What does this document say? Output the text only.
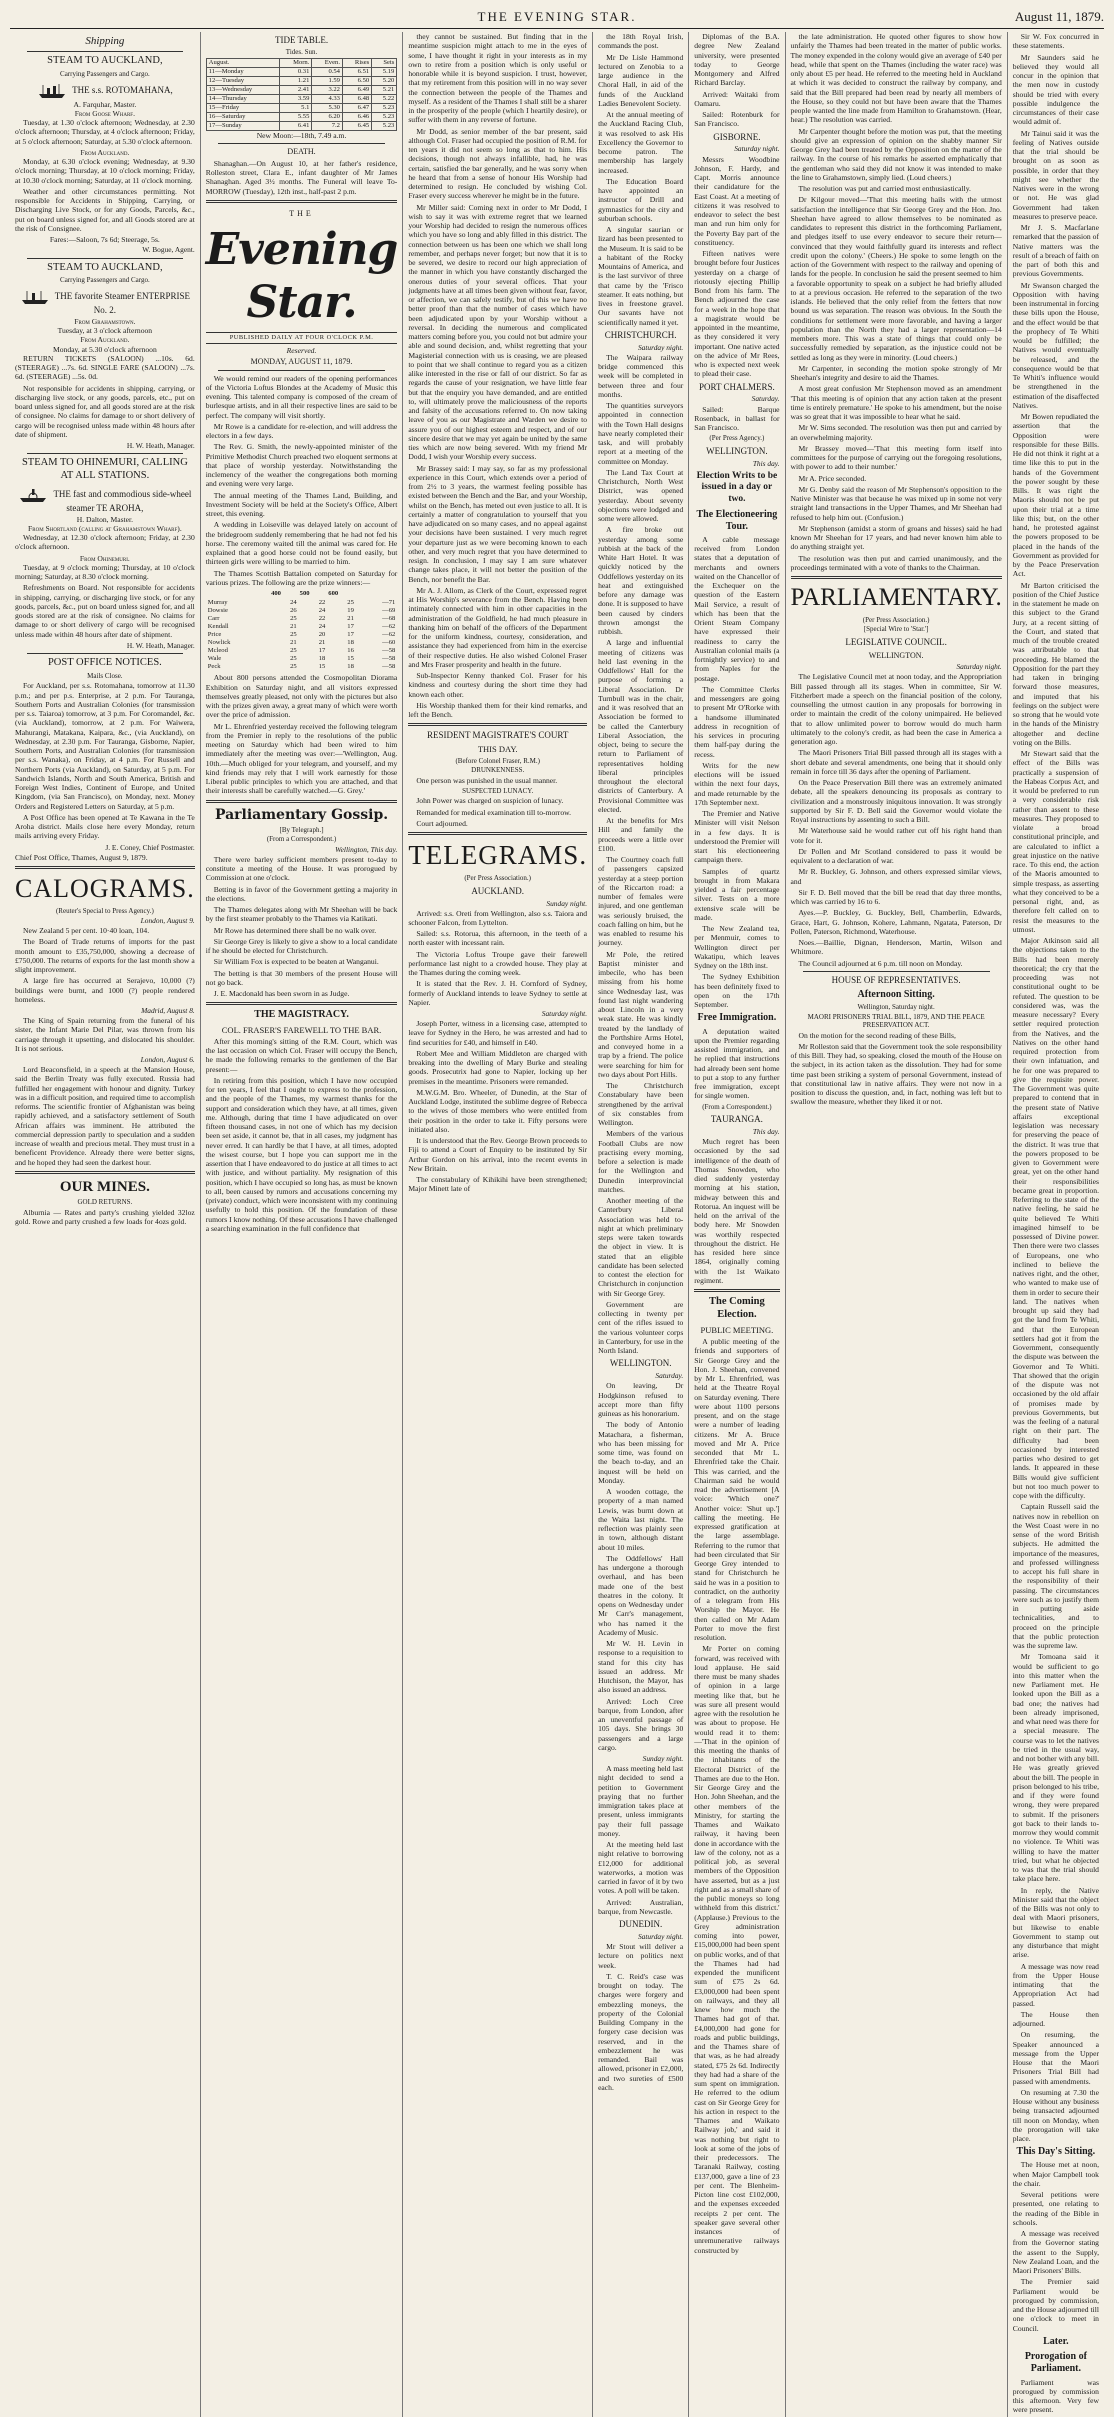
THE EVENING STAR.	August 11, 1879.
Shipping
STEAM TO AUCKLAND,
Carrying Passengers and Cargo.
THE s.s. ROTOMAHANA,
A. Farquhar, Master.
From Goose Wharf.

Tuesday, at 1.30 o'clock afternoon; Wednesday, at 2.30 o'clock afternoon; Thursday, at 4 o'clock afternoon; Friday, at 5 o'clock afternoon; Saturday, at 5.30 o'clock afternoon.

From Auckland.

Monday, at 6.30 o'clock evening; Wednesday, at 9.30 o'clock morning; Thursday, at 10 o'clock morning; Friday, at 10.30 o'clock morning; Saturday, at 11 o'clock morning.

Weather and other circumstances permitting. Not responsible for Accidents in Shipping, Carrying, or Discharging Live Stock, or for any Goods, Parcels, &c., put on board unless signed for, and all Goods stored are at the risk of Consignee.

Fares:—Saloon, 7s 6d; Steerage, 5s.
W. Bogue, Agent.
STEAM TO AUCKLAND,
Carrying Passengers and Cargo.
THE favorite Steamer ENTERPRISE No. 2.
From Grahamstown.
Tuesday, at 3 o'clock afternoon
From Auckland.
Monday, at 5.30 o'clock afternoon

RETURN TICKETS (SALOON) ...10s. 6d. (STEERAGE) ...7s. 6d. SINGLE FARE (SALOON) ...7s. 6d. (STEERAGE) ...5s. 0d.

Not responsible for accidents in shipping, carrying, or discharging live stock, or any goods, parcels, etc., put on board unless signed for, and all goods stored are at the risk of consignee. No claims for damage to or short delivery of cargo will be recognised unless made within 48 hours after date of shipment.

H. W. Heath, Manager.
STEAM TO OHINEMURI, CALLING AT ALL STATIONS.
THE fast and commodious side-wheel steamer TE AROHA,
H. Dalton, Master.
From Shortland (calling at Grahamstown Wharf).

Wednesday, at 12.30 o'clock afternoon; Friday, at 2.30 o'clock afternoon.

From Ohinemuri.

Tuesday, at 9 o'clock morning; Thursday, at 10 o'clock morning; Saturday, at 8.30 o'clock morning.

Refreshments on Board. Not responsible for accidents in shipping, carrying, or discharging live stock, or for any goods, parcels, &c., put on board unless signed for, and all goods stored are at the risk of consignee. No claims for damage to or short delivery of cargo will be recognised unless made within 48 hours after date of shipment.

H. W. Heath, Manager.
POST OFFICE NOTICES.
Mails Close.

For Auckland, per s.s. Rotomahana, tomorrow at 11.30 p.m.; and per p.s. Enterprise, at 2 p.m. For Tauranga, Southern Ports and Australian Colonies (for transmission per s.s. Taiaroa) tomorrow, at 3 p.m. For Coromandel, &c. (via Auckland), tomorrow, at 2 p.m. For Waiwera, Mahurangi, Matakana, Kaipara, &c., (via Auckland), on Wednesday, at 2.30 p.m. For Tauranga, Gisborne, Napier, Southern Ports, and Australian Colonies (for transmission per s.s. Wanaka), on Friday, at 4 p.m. For Russell and Northern Ports (via Auckland), on Saturday, at 5 p.m. For Sandwich Islands, North and South America, British and Foreign West Indies, Continent of Europe, and United Kingdom, (via San Francisco), on Monday, next. Money Orders and Registered Letters on Saturday, at 5 p.m.

A Post Office has been opened at Te Kawana in the Te Aroha district. Mails close here every Monday, return mails arriving every Friday.

J. E. Coney, Chief Postmaster.
Chief Post Office, Thames, August 9, 1879.
CALOGRAMS.
(Reuter's Special to Press Agency.)
London, August 9.

New Zealand 5 per cent. 10·40 loan, 104.

The Board of Trade returns of imports for the past month amount to £35,750,000, showing a decrease of £750,000. The returns of exports for the last month show a slight improvement.

A large fire has occurred at Serajevo, 10,000 (?) buildings were burnt, and 1000 (?) people rendered homeless.

Madrid, August 8.

The King of Spain returning from the funeral of his sister, the Infant Marie Del Pilar, was thrown from his carriage through it upsetting, and dislocated his shoulder. It is not serious.

London, August 6.

Lord Beaconsfield, in a speech at the Mansion House, said the Berlin Treaty was fully executed. Russia had fulfilled her engagement with honour and dignity. Turkey was in a difficult position, and required time to accomplish reforms. The scientific frontier of Afghanistan was being rapidly achieved, and a satisfactory settlement of South African affairs was imminent. He attributed the commercial depression partly to speculation and a sudden increase of wealth and precious metal. They must trust in a beneficent Providence. Already there were better signs, and he hoped they had seen the darkest hour.

OUR MINES.
GOLD RETURNS.

Alburnia — Rates and party's crushing yielded 32loz gold. Rowe and party crushed a few loads for 4ozs gold.

TIDE TABLE.
Tides. Sun.
August.	Morn.	Even.	Rises	Sets
11—Monday	0.31	0.54	6.51	5.19
12—Tuesday	1.21	1.59	6.50	5.20
13—Wednesday	2.41	3.22	6.49	5.21
14—Thursday	3.59	4.33	6.48	5.22
15—Friday	5.1	5.30	6.47	5.23
16—Saturday	5.55	6.20	6.46	5.23
17—Sunday	6.41	7.2	6.45	5.23
New Moon:—18th, 7.49 a.m.
DEATH.

Shanaghan.—On August 10, at her father's residence, Rolleston street, Clara E., infant daughter of Mr James Shanaghan. Aged 3½ months. The Funeral will leave To-MORROW (Tuesday), 12th inst., half-past 2 p.m.

THE
Evening Star.
PUBLISHED DAILY AT FOUR O'CLOCK P.M.
Reserved.
MONDAY, AUGUST 11, 1879.

We would remind our readers of the opening performances of the Victoria Loftus Blondes at the Academy of Music this evening. This talented company is composed of the cream of burlesque artists, and in all their respective lines are said to be perfect. The company will visit shortly.

Mr Rowe is a candidate for re-election, and will address the electors in a few days.

The Rev. G. Smith, the newly-appointed minister of the Primitive Methodist Church preached two eloquent sermons at that place of worship yesterday. Notwithstanding the inclemency of the weather the congregations both morning and evening were very large.

The annual meeting of the Thames Land, Building, and Investment Society will be held at the Society's Office, Albert street, this evening.

A wedding in Loiseville was delayed lately on account of the bridegroom suddenly remembering that he had not fed his horse. The ceremony waited till the animal was cared for. He explained that a good horse could not be found easily, but thirteen girls were willing to be married to him.

The Thames Scottish Battalion competed on Saturday for various prizes. The following are the prize winners:—

	400	500	600	
Murray	24	22	25	—71
Dowsie	26	24	19	—69
Carr	25	22	21	—68
Kendall	21	24	17	—62
Price	25	20	17	—62
Nowlick	21	21	18	—60
Mcleod	25	17	16	—58
Wale	25	18	15	—58
Peck	25	15	18	—58

About 800 persons attended the Cosmopolitan Diorama Exhibition on Saturday night, and all visitors expressed themselves greatly pleased, not only with the pictures but also with the prizes given away, a great many of which were worth over the price of admission.

Mr L. Ehrenfried yesterday received the following telegram from the Premier in reply to the resolutions of the public meeting on Saturday which had been wired to him immediately after the meeting was over:—'Wellington, Aug. 10th.—Much obliged for your telegram, and yourself, and my kind friends may rely that I will work earnestly for those Liberal public principles to which you are attached, and that their interests shall be carefully watched.—G. Grey.'

Parliamentary Gossip.
[By Telegraph.]
(From a Correspondent.)
Wellington, This day.

There were barley sufficient members present to-day to constitute a meeting of the House. It was prorogued by Commission at one o'clock.

Betting is in favor of the Government getting a majority in the elections.

The Thames delegates along with Mr Sheehan will be back by the first steamer probably to the Thames via Katikati.

Mr Rowe has determined there shall be no walk over.

Sir George Grey is likely to give a show to a local candidate if he should be elected for Christchurch.

Sir William Fox is expected to be beaten at Wanganui.

The betting is that 30 members of the present House will not go back.

J. E. Macdonald has been sworn in as Judge.

THE MAGISTRACY.
COL. FRASER'S FAREWELL TO THE BAR.

After this morning's sitting of the R.M. Court, which was the last occasion on which Col. Fraser will occupy the Bench, he made the following remarks to the gentlemen of the Bar present:—

In retiring from this position, which I have now occupied for ten years, I feel that I ought to express to the profession, and the people of the Thames, my warmest thanks for the support and consideration which they have, at all times, given me. Although, during that time I have adjudicated on over fifteen thousand cases, in not one of which has my decision been set aside, it cannot be, that in all cases, my judgment has never erred. It can hardly be that I have, at all times, adopted the wisest course, but I hope you can support me in the assertion that I have endeavored to do justice at all times to act with justice, and without partiality. My resignation of this position, which I have occupied so long has, as must be known to all, been caused by rumors and accusations concerning my (private) conduct, which were inconsistent with my continuing usefully to hold this position. Of the foundation of these rumors I know nothing. Of these accusations I have challenged a searching examination in the full confidence that

they cannot be sustained. But finding that in the meantime suspicion might attach to me in the eyes of some, I have thought it right in your interests as in my own to retire from a position which is only useful or honorable while it is beyond suspicion. I trust, however, that my retirement from this position will in no way sever the connection between the people of the Thames and myself. As a resident of the Thames I shall still be a sharer in the prosperity of the people (which I heartily desire), or suffer with them in any reverse of fortune.

Mr Dodd, as senior member of the bar present, said although Col. Fraser had occupied the position of R.M. for ten years it did not seem so long as that to him. His decisions, though not always infallible, had, he was certain, satisfied the bar generally, and he was sorry when he heard that from a sense of honour His Worship had determined to resign. He concluded by wishing Col. Fraser every success wherever he might be in the future.

Mr Miller said: Coming next in order to Mr Dodd, I wish to say it was with extreme regret that we learned your Worship had decided to resign the numerous offices which you have so long and ably filled in this district. The connection between us has been one which we shall long remember, and perhaps never forget; but now that it is to be severed, we desire to record our high appreciation of the manner in which you have constantly discharged the onerous duties of your several offices. That your judgments have at all times been given without fear, favor, or affection, we can safely testify, but of this we have no better proof than that the number of cases which have been adjudicated upon by your Worship without a reversal. In deciding the numerous and complicated matters coming before you, you could not but admire your able and sound decision, and, whilst regretting that your Magisterial connection with us is ceasing, we are pleased to point that we shall continue to regard you as a citizen alike interested in the rise or fall of our district. So far as regards the cause of your resignation, we have little fear but that the enquiry you have demanded, and are entitled to, will ultimately prove the maliciousness of the reports and falsity of the accusations referred to. On now taking leave of you as our Magistrate and Warden we desire to assure you of our highest esteem and respect, and of our sincere desire that we may yet again be united by the same ties which are now being severed. With my friend Mr Dodd, I wish your Worship every success.

Mr Brassey said: I may say, so far as my professional experience in this Court, which extends over a period of from 2½ to 3 years, the warmest feeling possible has existed between the Bench and the Bar, and your Worship, whilst on the Bench, has meted out even justice to all. It is certainly a matter of congratulation to yourself that you have adjudicated on so many cases, and no appeal against your decisions have been sustained. I very much regret your departure just as we were becoming known to each other, and very much regret that you have determined to resign. In conclusion, I may say I am sure whatever change takes place, it will not better the position of the Bench, nor benefit the Bar.

Mr A. J. Allom, as Clerk of the Court, expressed regret at His Worship's severance from the Bench. Having been intimately connected with him in other capacities in the administration of the Goldfield, he had much pleasure in thanking him on behalf of the officers of the Department for the uniform kindness, courtesy, consideration, and assistance they had experienced from him in the exercise of their respective duties. He also wished Colonel Fraser and Mrs Fraser prosperity and health in the future.

Sub-Inspector Kenny thanked Col. Fraser for his kindness and courtesy during the short time they had known each other.

His Worship thanked them for their kind remarks, and left the Bench.

RESIDENT MAGISTRATE'S COURT
THIS DAY.
(Before Colonel Fraser, R.M.)
DRUNKENNESS.

One person was punished in the usual manner.

SUSPECTED LUNACY.

John Power was charged on suspicion of lunacy.

Remanded for medical examination till to-morrow.

Court adjourned.

TELEGRAMS.
(Per Press Association.)
AUCKLAND.
Sunday night.

Arrived: s.s. Oreti from Wellington, also s.s. Taiora and schooner Falcon, from Lyttelton.

Sailed: s.s. Rotorua, this afternoon, in the teeth of a north easter with incessant rain.

The Victoria Loftus Troupe gave their farewell performance last night to a crowded house. They play at the Thames during the coming week.

It is stated that the Rev. J. H. Cornford of Sydney, formerly of Auckland intends to leave Sydney to settle at Napier.

Saturday night.

Joseph Porter, witness in a licensing case, attempted to leave for Sydney in the Hero, he was arrested and had to find securities for £40, and himself in £40.

Robert Mee and William Middleton are charged with breaking into the dwelling of Mary Burke and stealing goods. Prosecutrix had gone to Napier, locking up her premises in the meantime. Prisoners were remanded.

M.W.G.M. Bro. Wheeler, of Dunedin, at the Star of Auckland Lodge, instituted the sublime degree of Rebecca to the wives of those members who were entitled from their position in the order to take it. Fifty persons were initiated also.

It is understood that the Rev. George Brown proceeds to Fiji to attend a Court of Enquiry to be instituted by Sir Arthur Gordon on his arrival, into the recent events in New Britain.

The constabulary of Kihikihi have been strengthened; Major Minett late of

the 18th Royal Irish, commands the post.

Mr De Lisle Hammond lectured on Zenobia to a large audience in the Choral Hall, in aid of the funds of the Auckland Ladies Benevolent Society.

At the annual meeting of the Auckland Racing Club, it was resolved to ask His Excellency the Governor to become patron. The membership has largely increased.

The Education Board have appointed an instructor of Drill and gymnastics for the city and suburban schools.

A singular saurian or lizard has been presented to the Museum. It is said to be a habitant of the Rocky Mountains of America, and is the last survivor of three that came by the 'Frisco steamer. It eats nothing, but lives in freestone gravel. Our savants have not scientifically named it yet.

CHRISTCHURCH.
Saturday night.

The Waipara railway bridge commenced this week will be completed in between three and four months.

The quantities surveyors appointed in connection with the Town Hall designs have nearly completed their task, and will probably report at a meeting of the committee on Monday.

The Land Tax Court at Christchurch, North West District, was opened yesterday. About seventy objections were lodged and some were allowed.

A fire broke out yesterday among some rubbish at the back of the White Hart Hotel. It was quickly noticed by the Oddfellows yesterday on its heat and extinguished before any damage was done. It is supposed to have been caused by cinders thrown amongst the rubbish.

A large and influential meeting of citizens was held last evening in the Oddfellows' Hall for the purpose of forming a Liberal Association. Dr Turnbull was in the chair, and it was resolved that an Association be formed to be called the Canterbury Liberal Association, the object, being to secure the return to Parliament of representatives holding liberal principles throughout the electoral districts of Canterbury. A Provisional Committee was elected.

At the benefits for Mrs Hill and family the proceeds were a little over £100.

The Courtney coach full of passengers capsized yesterday at a steep portion of the Riccarton road: a number of females were injured, and one gentleman was seriously bruised, the coach falling on him, but he was enabled to resume his journey.

Mr Pole, the retired Baptist minister and imbecile, who has been missing from his home since Wednesday last, was found last night wandering about Lincoln in a very weak state. He was kindly treated by the landlady of the Porthshire Arms Hotel, and conveyed home in a trap by a friend. The police were searching for him for two days about Port Hills.

The Christchurch Constabulary have been strengthened by the arrival of six constables from Wellington.

Members of the various Football Clubs are now practising every morning, before a selection is made for the Wellington and Dunedin interprovincial matches.

Another meeting of the Canterbury Liberal Association was held to-night at which preliminary steps were taken towards the object in view. It is stated that an eligible candidate has been selected to contest the election for Christchurch in conjunction with Sir George Grey.

Government are collecting in twenty per cent of the rifles issued to the various volunteer corps in Canterbury, for use in the North Island.

WELLINGTON.
Saturday.

On leaving, Dr Hodgkinson refused to accept more than fifty guineas as his honorarium.

The body of Antonio Matachara, a fisherman, who has been missing for some time, was found on the beach to-day, and an inquest will be held on Monday.

A wooden cottage, the property of a man named Lewis, was burnt down at the Waita last night. The reflection was plainly seen in town, although distant about 10 miles.

The Oddfellows' Hall has undergone a thorough overhaul, and has been made one of the best theatres in the colony. It opens on Wednesday under Mr Carr's management, who has named it the Academy of Music.

Mr W. H. Levin in response to a requisition to stand for this city has issued an address. Mr Hutchison, the Mayor, has also issued an address.

Arrived: Loch Cree barque, from London, after an uneventful passage of 105 days. She brings 30 passengers and a large cargo.

Sunday night.

A mass meeting held last night decided to send a petition to Government praying that no further immigration takes place at present, unless immigrants pay their full passage money.

At the meeting held last night relative to borrowing £12,000 for additional waterworks, a motion was carried in favor of it by two votes. A poll will be taken.

Arrived: Australian, barque, from Newcastle.

DUNEDIN.
Saturday night.

Mr Stout will deliver a lecture on politics next week.

T. C. Reid's case was brought on today. The charges were forgery and embezzling moneys, the property of the Colonial Building Company in the forgery case decision was reserved, and in the embezzlement he was remanded. Bail was allowed, prisoner in £2,000, and two sureties of £500 each.

Diplomas of the B.A. degree New Zealand university, were presented today to George Montgomery and Alfred Richard Barclay.

Arrived: Waitaki from Oamaru.

Sailed: Rotenburk for San Francisco.

GISBORNE.
Saturday night.

Messrs Woodbine Johnson, F. Hardy, and Capt. Morris announce their candidature for the East Coast. At a meeting of citizens it was resolved to endeavor to select the best man and run him only for the Poverty Bay part of the constituency.

Fifteen natives were brought before four Justices yesterday on a charge of riotously ejecting Phillip Bond from his farm. The Bench adjourned the case for a week in the hope that a magistrate would be appointed in the meantime, as they considered it very important. One native acted on the advice of Mr Rees, who is expected next week to plead their case.

PORT CHALMERS.
Saturday.

Sailed: Barque Rosenback, in ballast for San Francisco.

(Per Press Agency.)
WELLINGTON.
This day.
Election Writs to be issued in a day or two.
The Electioneering Tour.

A cable message received from London states that a deputation of merchants and owners waited on the Chancellor of the Exchequer on the question of the Eastern Mail Service, a result of which has been that the Orient Steam Company have expressed their readiness to carry the Australian colonial mails (a fortnightly service) to and from Naples for the postage.

The Committee Clerks and messengers are going to present Mr O'Rorke with a handsome illuminated address in recognition of his services in procuring them half-pay during the recess.

Writs for the new elections will be issued within the next four days, and made returnable by the 17th September next.

The Premier and Native Minister will visit Nelson in a few days. It is understood the Premier will start his electioneering campaign there.

Samples of quartz brought in from Makara yielded a fair percentage silver. Tests on a more extensive scale will be made.

The New Zealand tea, per Menmuir, comes to Wellington direct per Wakatipu, which leaves Sydney on the 18th inst.

The Sydney Exhibition has been definitely fixed to open on the 17th September.

Free Immigration.

A deputation waited upon the Premier regarding assisted immigration, and he replied that instructions had already been sent home to put a stop to any further free immigration, except for single women.

(From a Correspondent.)
TAURANGA.
This day.

Much regret has been occasioned by the sad intelligence of the death of Thomas Snowden, who died suddenly yesterday morning at his station, midway between this and Rotorua. An inquest will be held on the arrival of the body here. Mr Snowden was worthily respected throughout the district. He has resided here since 1864, originally coming with the 1st Waikato regiment.

The Coming Election.
PUBLIC MEETING.

A public meeting of the friends and supporters of Sir George Grey and the Hon. J. Sheehan, convened by Mr L. Ehrenfried, was held at the Theatre Royal on Saturday evening. There were about 1100 persons present, and on the stage were a number of leading citizens. Mr A. Bruce moved and Mr A. Price seconded that Mr L. Ehrenfried take the Chair. This was carried, and the Chairman said he would read the advertisement [A voice: 'Which one?' Another voice: 'Shut up.'] calling the meeting. He expressed gratification at the large assemblage. Referring to the rumor that had been circulated that Sir George Grey intended to stand for Christchurch he said he was in a position to contradict, on the authority of a telegram from His Worship the Mayor. He then called on Mr Adam Porter to move the first resolution.

Mr Porter on coming forward, was received with loud applause. He said there must be many shades of opinion in a large meeting like that, but he was sure all present would agree with the resolution he was about to propose. He would read it to them:—'That in the opinion of this meeting the thanks of the inhabitants of the Electoral District of the Thames are due to the Hon. Sir George Grey and the Hon. John Sheehan, and the other members of the Ministry, for starting the Thames and Waikato railway, it having been done in accordance with the law of the colony, not as a political job, as several members of the Opposition have asserted, but as a just right and as a small share of the public moneys so long withheld from this district.' (Applause.) Previous to the Grey administration coming into power, £15,000,000 had been spent on public works, and of that the Thames had had expended the munificent sum of £75 2s 6d. £3,000,000 had been spent on railways, and they all knew how much the Thames had got of that. £4,000,000 had gone for roads and public buildings, and the Thames share of that was, as he had already stated, £75 2s 6d. Indirectly they had had a share of the sum spent on immigration. He referred to the odium cast on Sir George Grey for his action in respect to the 'Thames and Waikato Railway job,' and said it was nothing but right to look at some of the jobs of their predecessors. The Taranaki Railway, costing £137,000, gave a line of 23 per cent. The Blenheim-Picton line cost £102,000, and the expenses exceeded receipts 2 per cent. The speaker gave several other instances of unremunerative railways constructed by

the late administration. He quoted other figures to show how unfairly the Thames had been treated in the matter of public works. The money expended in the colony would give an average of £40 per head, while that spent on the Thames (including the water race) was only about £5 per head. He referred to the meeting held in Auckland at which it was decided to construct the railway by company, and said that the Bill prepared had been read by nearly all members of the House, so they could not but have been aware that the Thames people wanted the line made from Hamilton to Grahamstown. (Hear, hear.) The resolution was carried.

Mr Carpenter thought before the motion was put, that the meeting should give an expression of opinion on the shabby manner Sir George Grey had been treated by the Opposition on the matter of the railway. In the course of his remarks he asserted emphatically that the gentleman who said they did not know it was intended to make the line to Grahamstown, simply lied. (Loud cheers.)

The resolution was put and carried most enthusiastically.

Dr Kilgour moved—'That this meeting hails with the utmost satisfaction the intelligence that Sir George Grey and the Hon. Jno. Sheehan have agreed to allow themselves to be nominated as candidates to represent this district in the forthcoming Parliament, and pledges itself to use every endeavor to secure their return—convinced that they would faithfully guard its interests and reflect credit upon the colony.' (Cheers.) He spoke to some length on the action of the Government with respect to the railway and opening of lands for the people. In conclusion he said the present seemed to him a favorable opportunity to speak on a subject he had briefly alluded to at a previous occasion. He referred to the separation of the two islands. He believed that the only relief from the fetters that now bound us was separation. The reason was obvious. In the South the conditions for settlement were more favorable, and having a larger population than the North they had a larger representation—14 members more. This was a state of things that could only be successfully remedied by separation, as the injustice could not be settled as long as they were in minority. (Loud cheers.)

Mr Carpenter, in seconding the motion spoke strongly of Mr Sheehan's integrity and desire to aid the Thames.

A most great confusion Mr Stephenson moved as an amendment 'That this meeting is of opinion that any action taken at the present time is entirely premature.' He spoke to his amendment, but the noise was so great that it was impossible to hear what he said.

Mr W. Sims seconded. The resolution was then put and carried by an overwhelming majority.

Mr Brassey moved—'That this meeting form itself into committees for the purpose of carrying out the foregoing resolutions, with power to add to their number.'

Mr A. Price seconded.

Mr G. Denby said the reason of Mr Stephenson's opposition to the Native Minister was that because he was mixed up in some not very straight land transactions in the Upper Thames, and Mr Sheehan had refused to help him out. (Confusion.)

Mr Stephenson (amidst a storm of groans and hisses) said he had known Mr Sheehan for 17 years, and had never known him able to do anything straight yet.

The resolution was then put and carried unanimously, and the proceedings terminated with a vote of thanks to the Chairman.

PARLIAMENTARY.
(Per Press Association.)
[Special Wire to 'Star.']
LEGISLATIVE COUNCIL.
WELLINGTON.
Saturday night.

The Legislative Council met at noon today, and the Appropriation Bill passed through all its stages. When in committee, Sir W. Fitzherbert made a speech on the financial position of the colony, counselling the utmost caution in any proposals for borrowing in order to maintain the credit of the colony unimpaired. He believed that to allow unlimited power to borrow would do much harm ultimately to the colony's credit, as had been the case in America a generation ago.

The Maori Prisoners Trial Bill passed through all its stages with a short debate and several amendments, one being that it should only remain in force till 36 days after the opening of Parliament.

On the Peace Preservation Bill there was an extremely animated debate, all the speakers denouncing its proposals as contrary to civilization and a monstrously iniquitous innovation. It was strongly supported by Sir F. D. Bell said the Governor would violate the Royal instructions by assenting to such a Bill.

Mr Waterhouse said he would rather cut off his right hand than vote for it.

Dr Pollen and Mr Scotland considered to pass it would be equivalent to a declaration of war.

Mr R. Buckley, G. Johnson, and others expressed similar views, and

Sir F. D. Bell moved that the bill be read that day three months, which was carried by 16 to 6.

Ayes.—P. Buckley, G. Buckley, Bell, Chamberlin, Edwards, Grace, Hart, G. Johnson, Kohere, Lahmann, Ngatata, Paterson, Dr Pollen, Paterson, Richmond, Waterhouse.

Noes.—Baillie, Dignan, Henderson, Martin, Wilson and Whitmore.

The Council adjourned at 6 p.m. till noon on Monday.

HOUSE OF REPRESENTATIVES.
Afternoon Sitting.
Wellington, Saturday night.
MAORI PRISONERS TRIAL BILL, 1879, AND THE PEACE PRESERVATION ACT.

On the motion for the second reading of these Bills,

Mr Rolleston said that the Government took the sole responsibility of this Bill. They had, so speaking, closed the mouth of the House on the subject, in its action taken as the dissolution. They had for some time past been striking a system of personal Government, instead of that constitutional law in native affairs. They were not now in a position to discuss the question, and, in fact, nothing was left but to swallow the measure, whether they liked it or not.

Sir W. Fox concurred in these statements.

Mr Saunders said he believed they would all concur in the opinion that the men now in custody should be tried with every possible indulgence the circumstances of their case would admit of.

Mr Tainui said it was the feeling of Natives outside that the trial should be brought on as soon as possible, in order that they might see whether the Natives were in the wrong or not. He was glad Government had taken measures to preserve peace.

Mr J. S. Macfarlane remarked that the passion of Native matters was the result of a breach of faith on the part of both this and previous Governments.

Mr Swanson charged the Opposition with having been instrumental in forcing these bills upon the House, and the effect would be that the prophecy of Te Whiti would be fulfilled; the Natives would eventually be released, and the consequence would be that Te Whiti's influence would be strengthened in the estimation of the disaffected Natives.

Mr Bowen repudiated the assertion that the Opposition were responsible for these Bills. He did not think it right at a time like this to put in the hands of the Government the power sought by these Bills. It was right the Maoris should not be put upon their trial at a time like this; but, on the other hand, he protested against the powers proposed to be placed in the hands of the Government as provided for by the Peace Preservation Act.

Mr Barton criticised the position of the Chief Justice in the statement he made on this subject to the Grand Jury, at a recent sitting of the Court, and stated that much of the trouble created was attributable to that proceeding. He blamed the Opposition for the part they had taken in bringing forward those measures, and imputed that his feelings on the subject were so strong that he would vote in the hands of the Ministry altogether and decline voting on the Bills.

Mr Stewart said that the effect of the Bills was practically a suspension of the Habeas Corpus Act, and it would be preferred to run a very considerable risk rather than assent to these measures. They proposed to violate a broad constitutional principle, and are calculated to inflict a great injustice on the native race. To this end, the action of the Maoris amounted to simple trespass, as asserting what they conceived to be a personal right, and, as therefore felt called on to resist the measures to the utmost.

Major Atkinson said all the objections taken to the Bills had been merely theoretical; the cry that the proceeding was not constitutional ought to be refuted. The question to be considered was, was the measure necessary? Every settler required protection from the Natives, and the Natives on the other hand required protection from their own infatuation, and he for one was prepared to give the requisite power. The Government was quite prepared to contend that in the present state of Native affairs exceptional legislation was necessary for preserving the peace of the district. It was true that the powers proposed to be given to Government were great, yet on the other hand their responsibilities became great in proportion. Referring to the state of the native feeling, he said he quite believed Te Whiti imagined himself to be possessed of Divine power. Then there were two classes of Europeans, one who inclined to believe the natives right, and the other, who wanted to make use of them in order to secure their land. The natives when brought up said they had got the land from Te Whiti, and that the European settlers had got it from the Government, consequently the dispute was between the Governor and Te Whiti. That showed that the origin of the dispute was not occasioned by the old affair of promises made by previous Governments, but was the feeling of a natural right on their part. The difficulty had been occasioned by interested parties who desired to get lands. It appeared in these Bills would give sufficient but not too much power to cope with the difficulty.

Captain Russell said the natives now in rebellion on the West Coast were in no sense of the word British subjects. He admitted the importance of the measures, and professed willingness to accept his full share in the responsibility of their passing. The circumstances were such as to justify them in putting aside technicalities, and to proceed on the principle that the public protection was the supreme law.

Mr Tomoana said it would be sufficient to go into this matter when the new Parliament met. He looked upon the Bill as a bad one; the natives had been already imprisoned, and what need was there for a special measure. The course was to let the natives be tried in the usual way, and not bother with any bill. He was greatly grieved about the bill. The people in prison belonged to his tribe, and if they were found wrong, they were prepared to submit. If the prisoners got back to their lands to-morrow they would commit no violence. Te Whiti was willing to have the matter tried, but what he objected to was that the trial should take place here.

In reply, the Native Minister said that the object of the Bills was not only to deal with Maori prisoners, but likewise to enable Government to stamp out any disturbance that might arise.

A message was now read from the Upper House intimating that the Appropriation Act had passed.

The House then adjourned.

On resuming, the Speaker announced a message from the Upper House that the Maori Prisoners Trial Bill had passed with amendments.

On resuming at 7.30 the House without any business being transacted adjourned till noon on Monday, when the prorogation will take place.

This Day's Sitting.

The House met at noon, when Major Campbell took the chair.

Several petitions were presented, one relating to the reading of the Bible in schools.

A message was received from the Governor stating the assent to the Supply, New Zealand Loan, and the Maori Prisoners' Bills.

The Premier said Parliament would be prorogued by commission, and the House adjourned till one o'clock to meet in Council.

Later.
Prorogation of Parliament.

Parliament was prorogued by commission this afternoon. Very few were present.
